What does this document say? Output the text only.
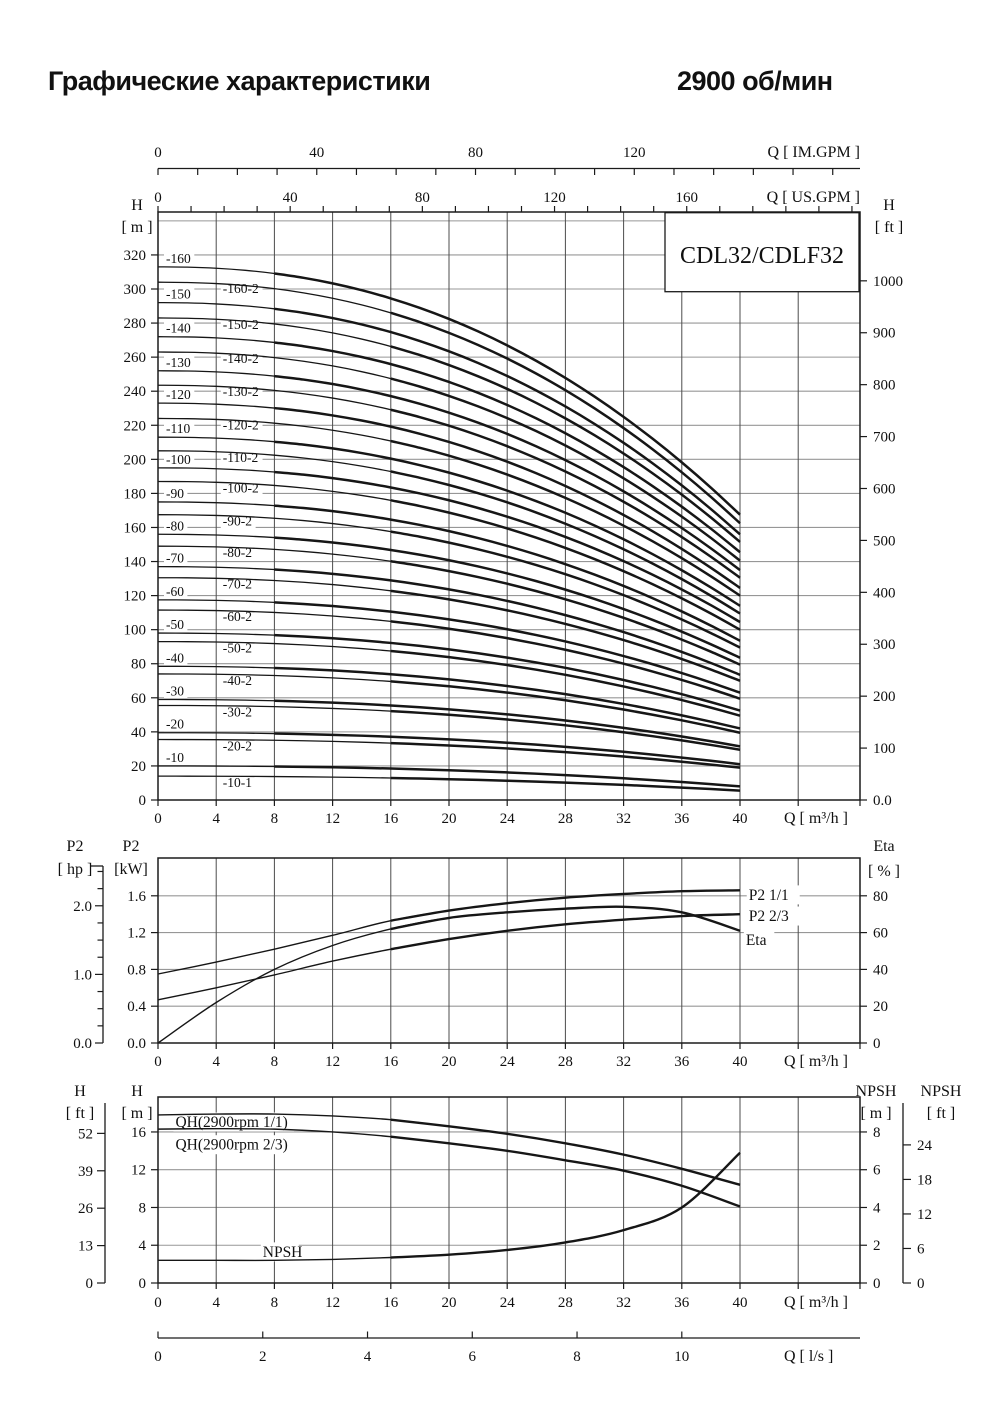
Графические характеристики	2900 об/мин
CDL32/CDLF32
-160
-160-2
-150
-150-2
-140
-140-2
-130
-130-2
-120
-120-2
-110
-110-2
-100
-100-2
-90
-90-2
-80
-80-2
-70
-70-2
-60
-60-2
-50
-50-2
-40
-40-2
-30
-30-2
-20
-20-2
-10
-10-1
0
20
40
60
80
100
120
140
160
180
200
220
240
260
280
300
320
H
[ m ]
0.0
100
200
300
400
500
600
700
800
900
1000
H
[ ft ]
0	4	8	12	16	20	24	28	32	36	40 Q [ m³/h ]
0	40	80	120	Q [ IM.GPM ]
0	40	80	120	160	Q [ US.GPM ]
P2 1/1
P2 2/3
Eta
0.0
0.4
0.8
1.2
1.6
P2
[kW]
0.0
1.0
2.0
P2
[ hp ]
0
20
40
60
80
Eta
[ % ]
0	4	8	12	16	20	24	28	32	36	40 Q [ m³/h ]
QH(2900rpm 1/1)
QH(2900rpm 2/3)
NPSH
0
4
8
12
16
H
[ m ]
0
13
26
39
52
H
[ ft ]
0
2
4
6
8
NPSH
[ m ]
0
6
12
18
24
NPSH
[ ft ]
0	4	8	12	16	20	24	28	32	36	40 Q [ m³/h ]
0	2	4	6	8	10	Q [ l/s ]
